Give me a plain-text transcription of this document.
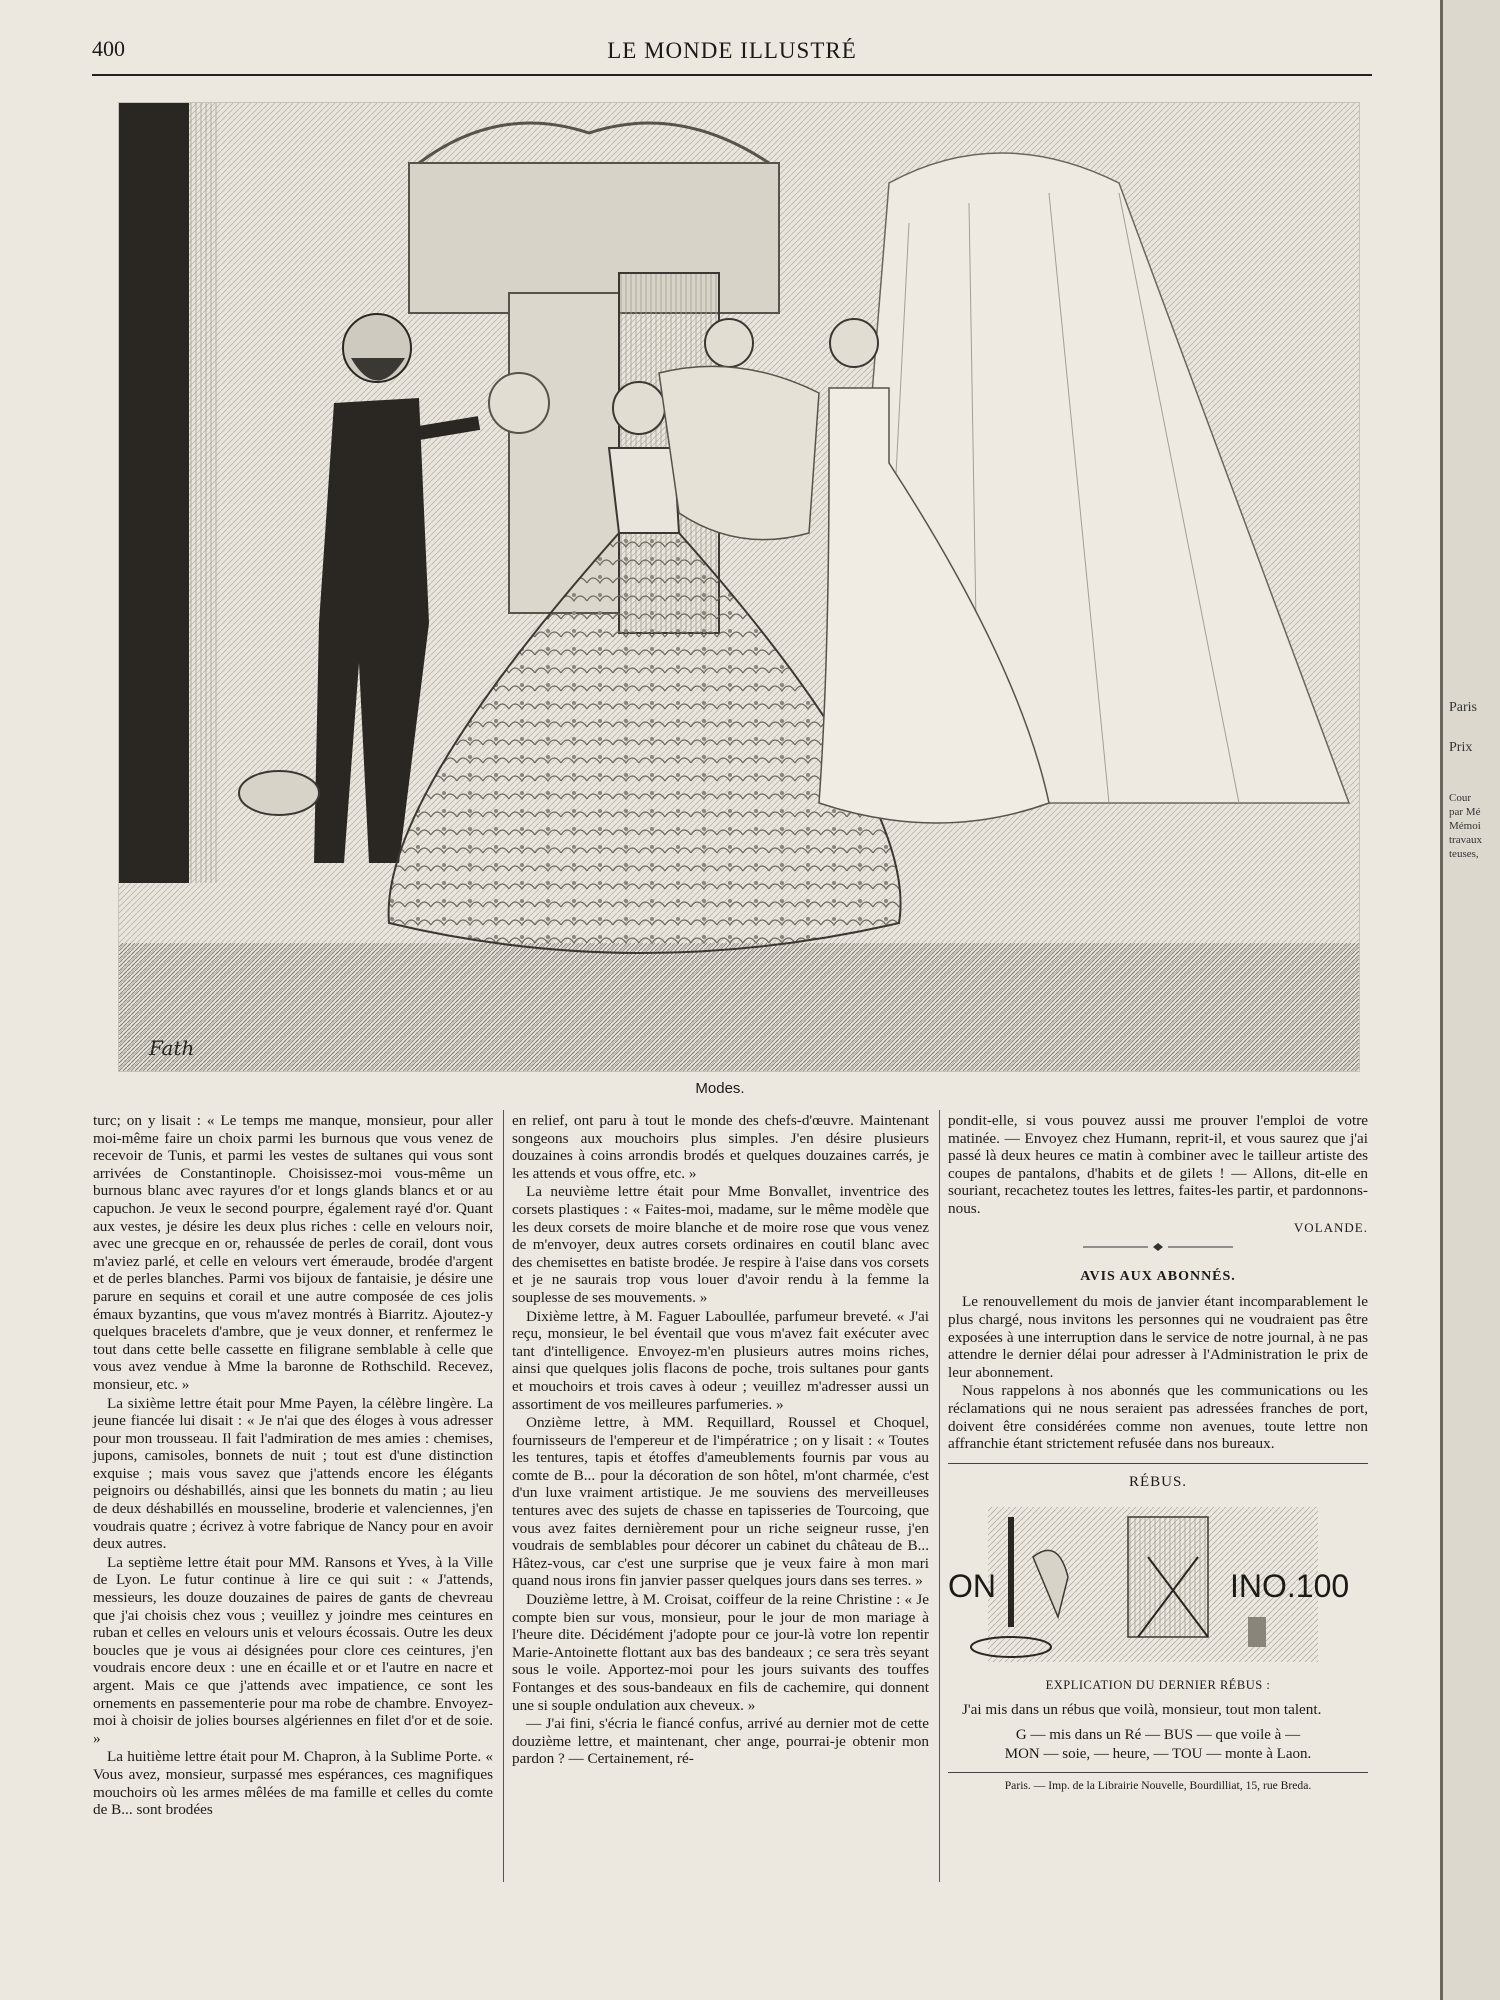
400	LE MONDE ILLUSTRÉ
Fath
Modes.

turc; on y lisait : « Le temps me manque, monsieur, pour aller moi-même faire un choix parmi les burnous que vous venez de recevoir de Tunis, et parmi les vestes de sultanes qui vous sont arrivées de Constantinople. Choisissez-moi vous-même un burnous blanc avec rayures d'or et longs glands blancs et or au capuchon. Je veux le second pourpre, également rayé d'or. Quant aux vestes, je désire les deux plus riches : celle en velours noir, avec une grecque en or, rehaussée de perles de corail, dont vous m'aviez parlé, et celle en velours vert émeraude, brodée d'argent et de perles blanches. Parmi vos bijoux de fantaisie, je désire une parure en sequins et corail et une autre composée de ces jolis émaux byzantins, que vous m'avez montrés à Biarritz. Ajoutez-y quelques bracelets d'ambre, que je veux donner, et renfermez le tout dans cette belle cassette en filigrane semblable à celle que vous avez vendue à Mme la baronne de Rothschild. Recevez, monsieur, etc. »

La sixième lettre était pour Mme Payen, la célèbre lingère. La jeune fiancée lui disait : « Je n'ai que des éloges à vous adresser pour mon trousseau. Il fait l'admiration de mes amies : chemises, jupons, camisoles, bonnets de nuit ; tout est d'une distinction exquise ; mais vous savez que j'attends encore les élégants peignoirs ou déshabillés, ainsi que les bonnets du matin ; au lieu de deux déshabillés en mousseline, broderie et valenciennes, j'en voudrais quatre ; écrivez à votre fabrique de Nancy pour en avoir deux autres.

La septième lettre était pour MM. Ransons et Yves, à la Ville de Lyon. Le futur continue à lire ce qui suit : « J'attends, messieurs, les douze douzaines de paires de gants de chevreau que j'ai choisis chez vous ; veuillez y joindre mes ceintures en ruban et celles en velours unis et velours écossais. Outre les deux boucles que je vous ai désignées pour clore ces ceintures, j'en voudrais encore deux : une en écaille et or et l'autre en nacre et argent. Mais ce que j'attends avec impatience, ce sont les ornements en passementerie pour ma robe de chambre. Envoyez-moi à choisir de jolies bourses algériennes en filet d'or et de soie. »

La huitième lettre était pour M. Chapron, à la Sublime Porte. « Vous avez, monsieur, surpassé mes espérances, ces magnifiques mouchoirs où les armes mêlées de ma famille et celles du comte de B... sont brodées

en relief, ont paru à tout le monde des chefs-d'œuvre. Maintenant songeons aux mouchoirs plus simples. J'en désire plusieurs douzaines à coins arrondis brodés et quelques douzaines carrés, je les attends et vous offre, etc. »

La neuvième lettre était pour Mme Bonvallet, inventrice des corsets plastiques : « Faites-moi, madame, sur le même modèle que les deux corsets de moire blanche et de moire rose que vous venez de m'envoyer, deux autres corsets ordinaires en coutil blanc avec des chemisettes en batiste brodée. Je respire à l'aise dans vos corsets et je ne saurais trop vous louer d'avoir rendu à la femme la souplesse de ses mouvements. »

Dixième lettre, à M. Faguer Laboullée, parfumeur breveté. « J'ai reçu, monsieur, le bel éventail que vous m'avez fait exécuter avec tant d'intelligence. Envoyez-m'en plusieurs autres moins riches, ainsi que quelques jolis flacons de poche, trois sultanes pour gants et mouchoirs et trois caves à odeur ; veuillez m'adresser aussi un assortiment de vos meilleures parfumeries. »

Onzième lettre, à MM. Requillard, Roussel et Choquel, fournisseurs de l'empereur et de l'impératrice ; on y lisait : « Toutes les tentures, tapis et étoffes d'ameublements fournis par vous au comte de B... pour la décoration de son hôtel, m'ont charmée, c'est d'un luxe vraiment artistique. Je me souviens des merveilleuses tentures avec des sujets de chasse en tapisseries de Tourcoing, que vous avez faites dernièrement pour un riche seigneur russe, j'en voudrais de semblables pour décorer un cabinet du château de B... Hâtez-vous, car c'est une surprise que je veux faire à mon mari quand nous irons fin janvier passer quelques jours dans ses terres. »

Douzième lettre, à M. Croisat, coiffeur de la reine Christine : « Je compte bien sur vous, monsieur, pour le jour de mon mariage à l'heure dite. Décidément j'adopte pour ce jour-là votre lon repentir Marie-Antoinette flottant aux bas des bandeaux ; ce sera très seyant sous le voile. Apportez-moi pour les jours suivants des touffes Fontanges et des sous-bandeaux en fils de cachemire, qui donnent une si souple ondulation aux cheveux. »

— J'ai fini, s'écria le fiancé confus, arrivé au dernier mot de cette douzième lettre, et maintenant, cher ange, pourrai-je obtenir mon pardon ? — Certainement, ré-

pondit-elle, si vous pouvez aussi me prouver l'emploi de votre matinée. — Envoyez chez Humann, reprit-il, et vous saurez que j'ai passé là deux heures ce matin à combiner avec le tailleur artiste des coupes de pantalons, d'habits et de gilets ! — Allons, dit-elle en souriant, recachetez toutes les lettres, faites-les partir, et pardonnons-nous.

VOLANDE.
AVIS AUX ABONNÉS.

Le renouvellement du mois de janvier étant incomparablement le plus chargé, nous invitons les personnes qui ne voudraient pas être exposées à une interruption dans le service de notre journal, à ne pas attendre le dernier délai pour adresser à l'Administration le prix de leur abonnement.

Nous rappelons à nos abonnés que les communications ou les réclamations qui ne nous seraient pas adressées franches de port, doivent être considérées comme non avenues, toute lettre non affranchie étant strictement refusée dans nos bureaux.

RÉBUS.
ON	INO.100
EXPLICATION DU DERNIER RÉBUS :

J'ai mis dans un rébus que voilà, monsieur, tout mon talent.

G — mis dans un Ré — BUS — que voile à —
MON — soie, — heure, — TOU — monte à Laon.
Paris. — Imp. de la Librairie Nouvelle, Bourdilliat, 15, rue Breda.
Paris
Prix
Cour
par Mé
Mémoi
travaux
teuses,
